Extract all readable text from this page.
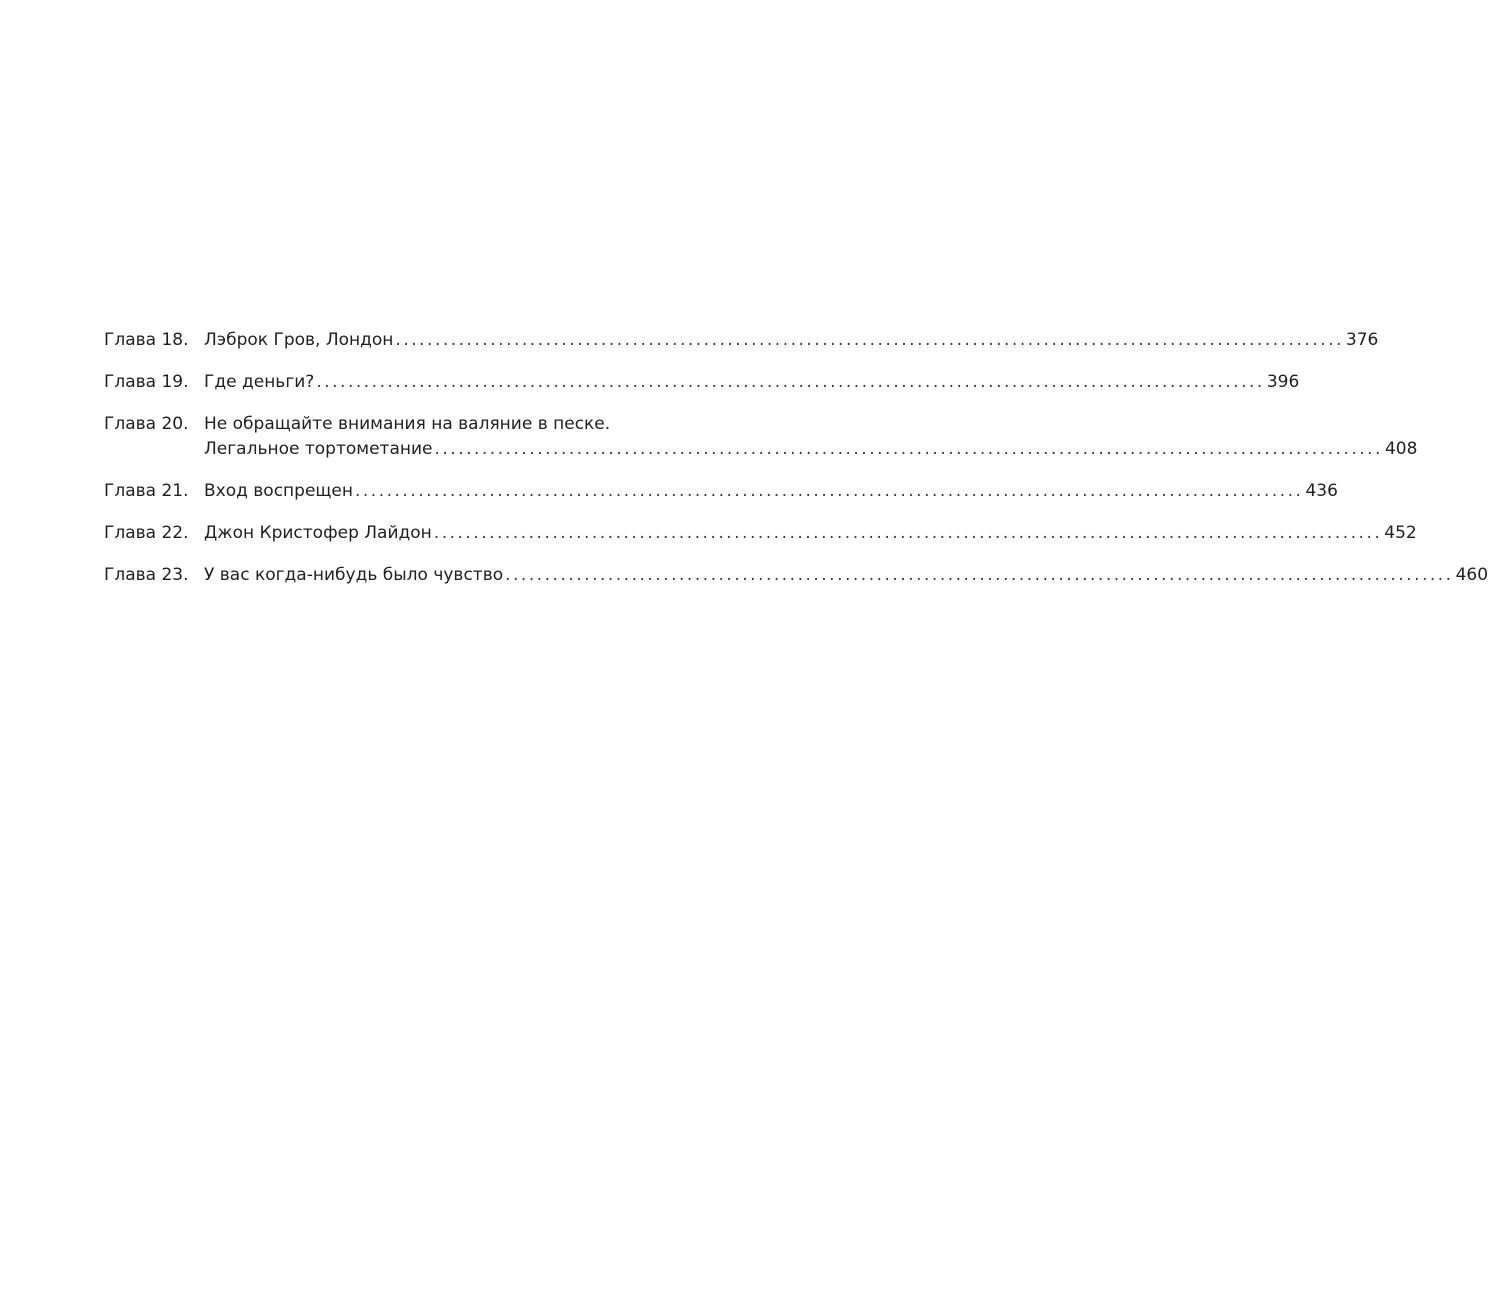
Глава 18. Лэброк Гров, Лондон ........................................................................................................................ 376
Глава 19. Где деньги? ........................................................................................................................ 396
Глава 20. Не обращайте внимания на валяние в песке.
Легальное тортометание ........................................................................................................................ 408
Глава 21. Вход воспрещен ........................................................................................................................ 436
Глава 22. Джон Кристофер Лайдон ........................................................................................................................ 452
Глава 23. У вас когда-нибудь было чувство ........................................................................................................................ 460
